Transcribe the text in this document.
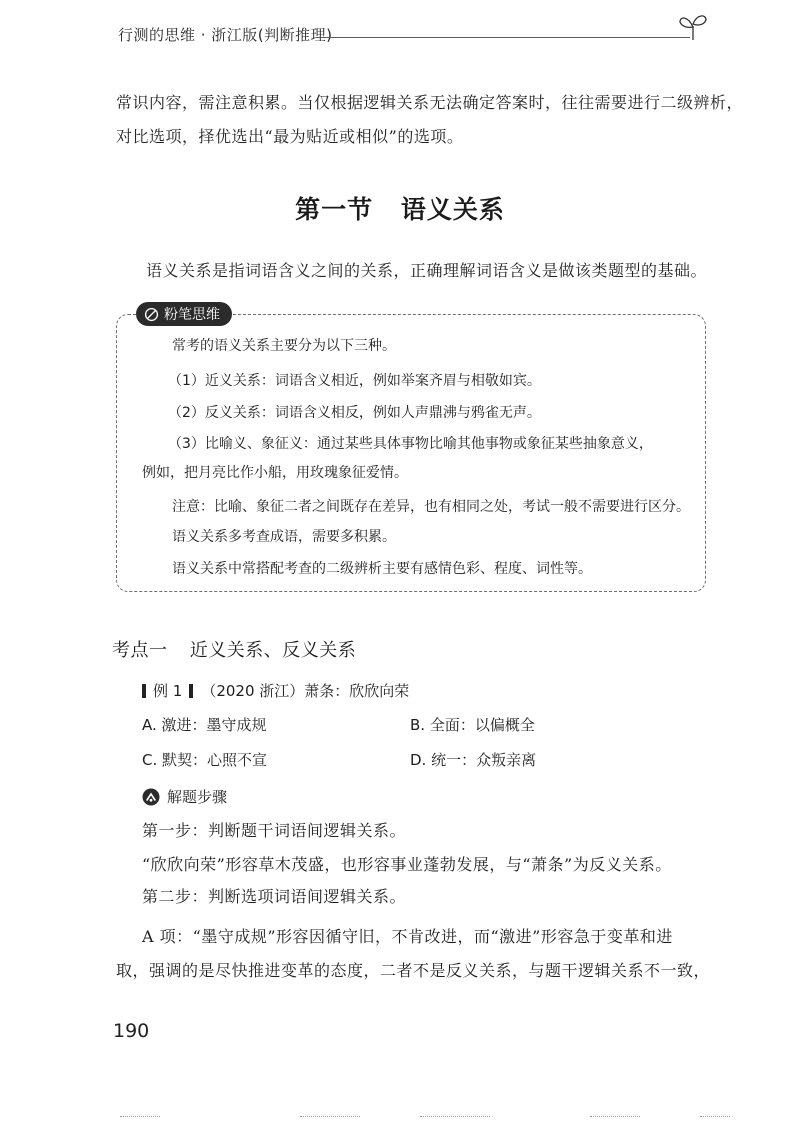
行测的思维 · 浙江版(判断推理)
常识内容，需注意积累。当仅根据逻辑关系无法确定答案时，往往需要进行二级辨析，
对比选项，择优选出“最为贴近或相似”的选项。
第一节 语义关系
语义关系是指词语含义之间的关系，正确理解词语含义是做该类题型的基础。
粉笔思维
常考的语义关系主要分为以下三种。
（1）近义关系：词语含义相近，例如举案齐眉与相敬如宾。
（2）反义关系：词语含义相反，例如人声鼎沸与鸦雀无声。
（3）比喻义、象征义：通过某些具体事物比喻其他事物或象征某些抽象意义，
例如，把月亮比作小船，用玫瑰象征爱情。
注意：比喻、象征二者之间既存在差异，也有相同之处，考试一般不需要进行区分。
语义关系多考查成语，需要多积累。
语义关系中常搭配考查的二级辨析主要有感情色彩、程度、词性等。
考点一 近义关系、反义关系
例 1 （2020 浙江）萧条：欣欣向荣
A. 激进：墨守成规	B. 全面：以偏概全
C. 默契：心照不宣	D. 统一：众叛亲离
解题步骤
第一步：判断题干词语间逻辑关系。
“欣欣向荣”形容草木茂盛，也形容事业蓬勃发展，与“萧条”为反义关系。
第二步：判断选项词语间逻辑关系。
A 项：“墨守成规”形容因循守旧，不肯改进，而“激进”形容急于变革和进
取，强调的是尽快推进变革的态度，二者不是反义关系，与题干逻辑关系不一致，
190
